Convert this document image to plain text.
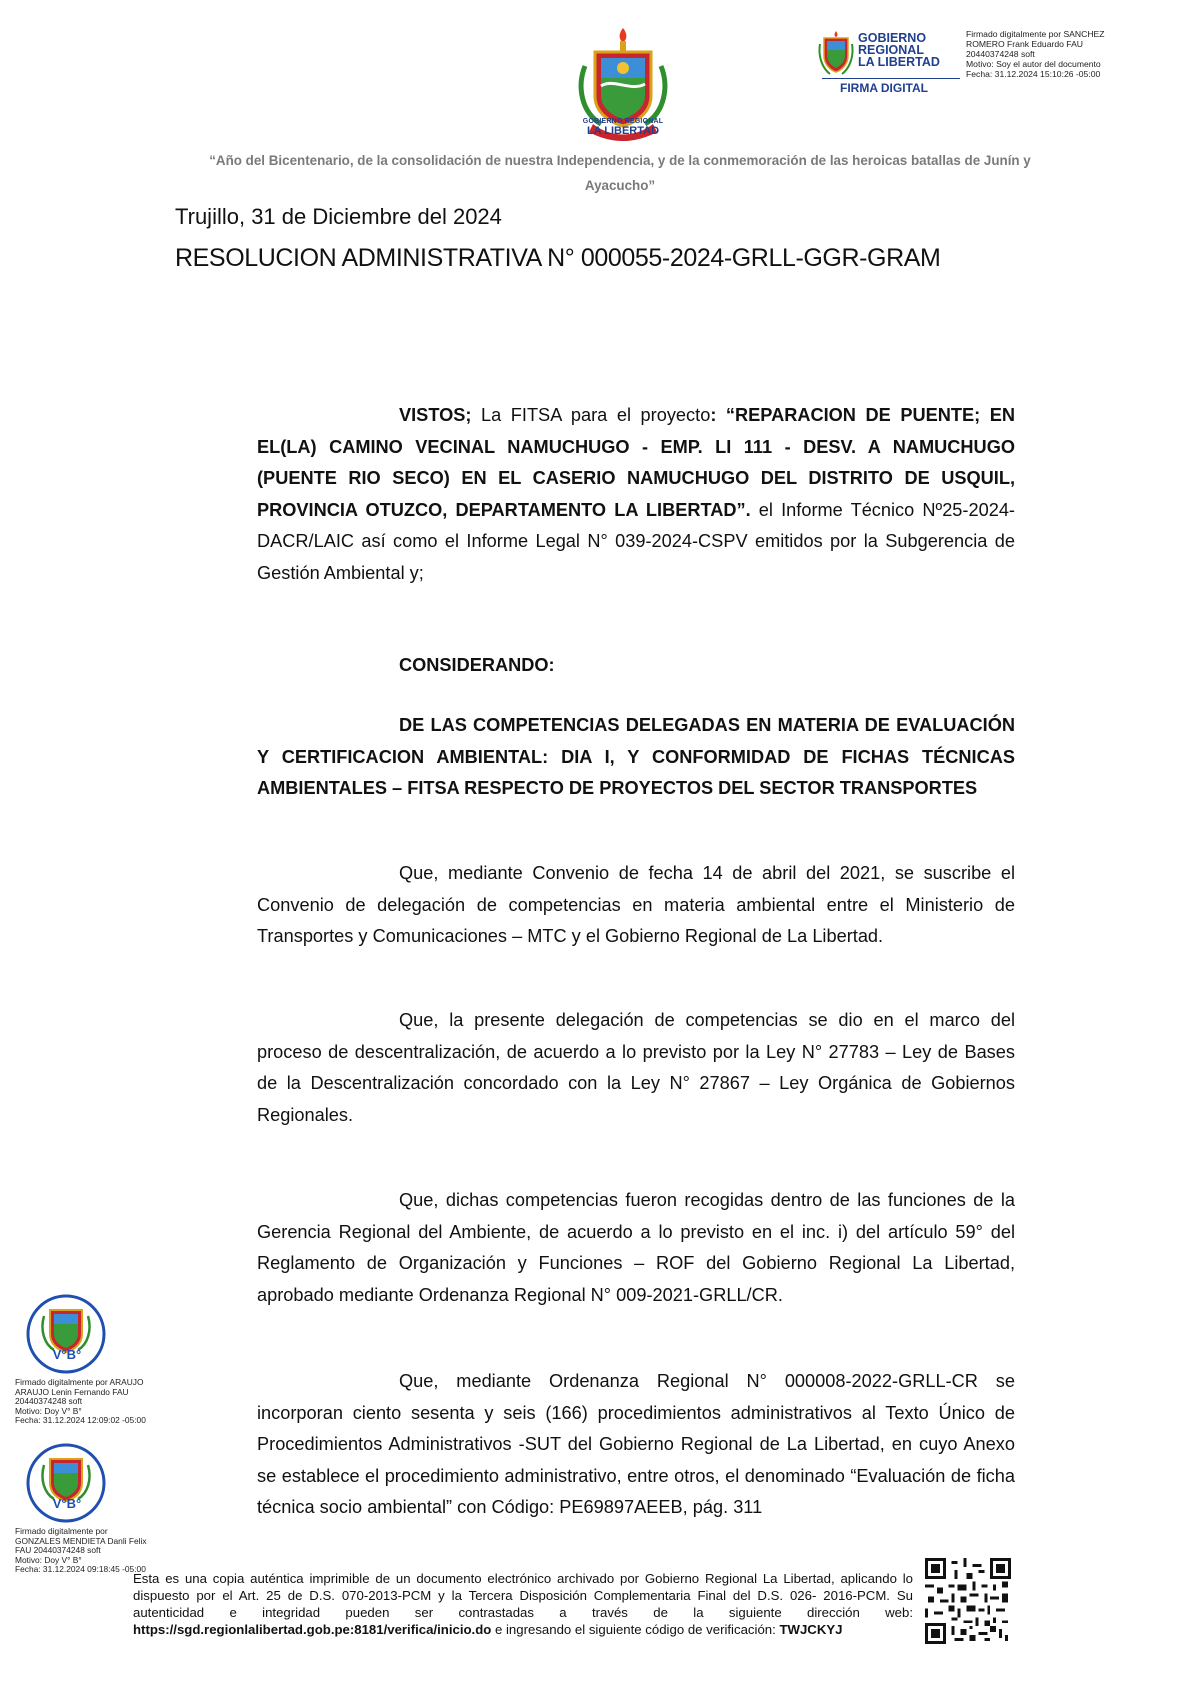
GOBIERNO REGIONAL
LA LIBERTAD
GOBIERNO
REGIONAL
LA LIBERTAD
FIRMA DIGITAL
Firmado digitalmente por SANCHEZ
ROMERO Frank Eduardo FAU
20440374248 soft
Motivo: Soy el autor del documento
Fecha: 31.12.2024 15:10:26 -05:00
“Año del Bicentenario, de la consolidación de nuestra Independencia, y de la conmemoración de las heroicas batallas de Junín y Ayacucho”
Trujillo, 31 de Diciembre del 2024
RESOLUCION ADMINISTRATIVA N° 000055-2024-GRLL-GGR-GRAM
VISTOS; La FITSA para el proyecto: “REPARACION DE PUENTE; EN EL(LA) CAMINO VECINAL NAMUCHUGO - EMP. LI 111 - DESV. A NAMUCHUGO (PUENTE RIO SECO) EN EL CASERIO NAMUCHUGO DEL DISTRITO DE USQUIL, PROVINCIA OTUZCO, DEPARTAMENTO LA LIBERTAD”. el Informe Técnico Nº25-2024-DACR/LAIC así como el Informe Legal N° 039-2024-CSPV emitidos por la Subgerencia de Gestión Ambiental y;
CONSIDERANDO:
DE LAS COMPETENCIAS DELEGADAS EN MATERIA DE EVALUACIÓN Y CERTIFICACION AMBIENTAL: DIA I, Y CONFORMIDAD DE FICHAS TÉCNICAS AMBIENTALES – FITSA RESPECTO DE PROYECTOS DEL SECTOR TRANSPORTES
Que, mediante Convenio de fecha 14 de abril del 2021, se suscribe el Convenio de delegación de competencias en materia ambiental entre el Ministerio de Transportes y Comunicaciones – MTC y el Gobierno Regional de La Libertad.
Que, la presente delegación de competencias se dio en el marco del proceso de descentralización, de acuerdo a lo previsto por la Ley N° 27783 – Ley de Bases de la Descentralización concordado con la Ley N° 27867 – Ley Orgánica de Gobiernos Regionales.
Que, dichas competencias fueron recogidas dentro de las funciones de la Gerencia Regional del Ambiente, de acuerdo a lo previsto en el inc. i) del artículo 59° del Reglamento de Organización y Funciones – ROF del Gobierno Regional La Libertad, aprobado mediante Ordenanza Regional N° 009-2021-GRLL/CR.
Que, mediante Ordenanza Regional N° 000008-2022-GRLL-CR se incorporan ciento sesenta y seis (166) procedimientos administrativos al Texto Único de Procedimientos Administrativos -SUT del Gobierno Regional de La Libertad, en cuyo Anexo se establece el procedimiento administrativo, entre otros, el denominado “Evaluación de ficha técnica socio ambiental” con Código: PE69897AEEB, pág. 311
V°B°
Firmado digitalmente por ARAUJO
ARAUJO Lenin Fernando FAU
20440374248 soft
Motivo: Doy V° B°
Fecha: 31.12.2024 12:09:02 -05:00
V°B°
Firmado digitalmente por
GONZALES MENDIETA Danli Felix
FAU 20440374248 soft
Motivo: Doy V° B°
Fecha: 31.12.2024 09:18:45 -05:00
Esta es una copia auténtica imprimible de un documento electrónico archivado por Gobierno Regional La Libertad, aplicando lo dispuesto por el Art. 25 de D.S. 070-2013-PCM y la Tercera Disposición Complementaria Final del D.S. 026- 2016-PCM. Su autenticidad e integridad pueden ser contrastadas a través de la siguiente dirección web: https://sgd.regionlalibertad.gob.pe:8181/verifica/inicio.do e ingresando el siguiente código de verificación: TWJCKYJ
